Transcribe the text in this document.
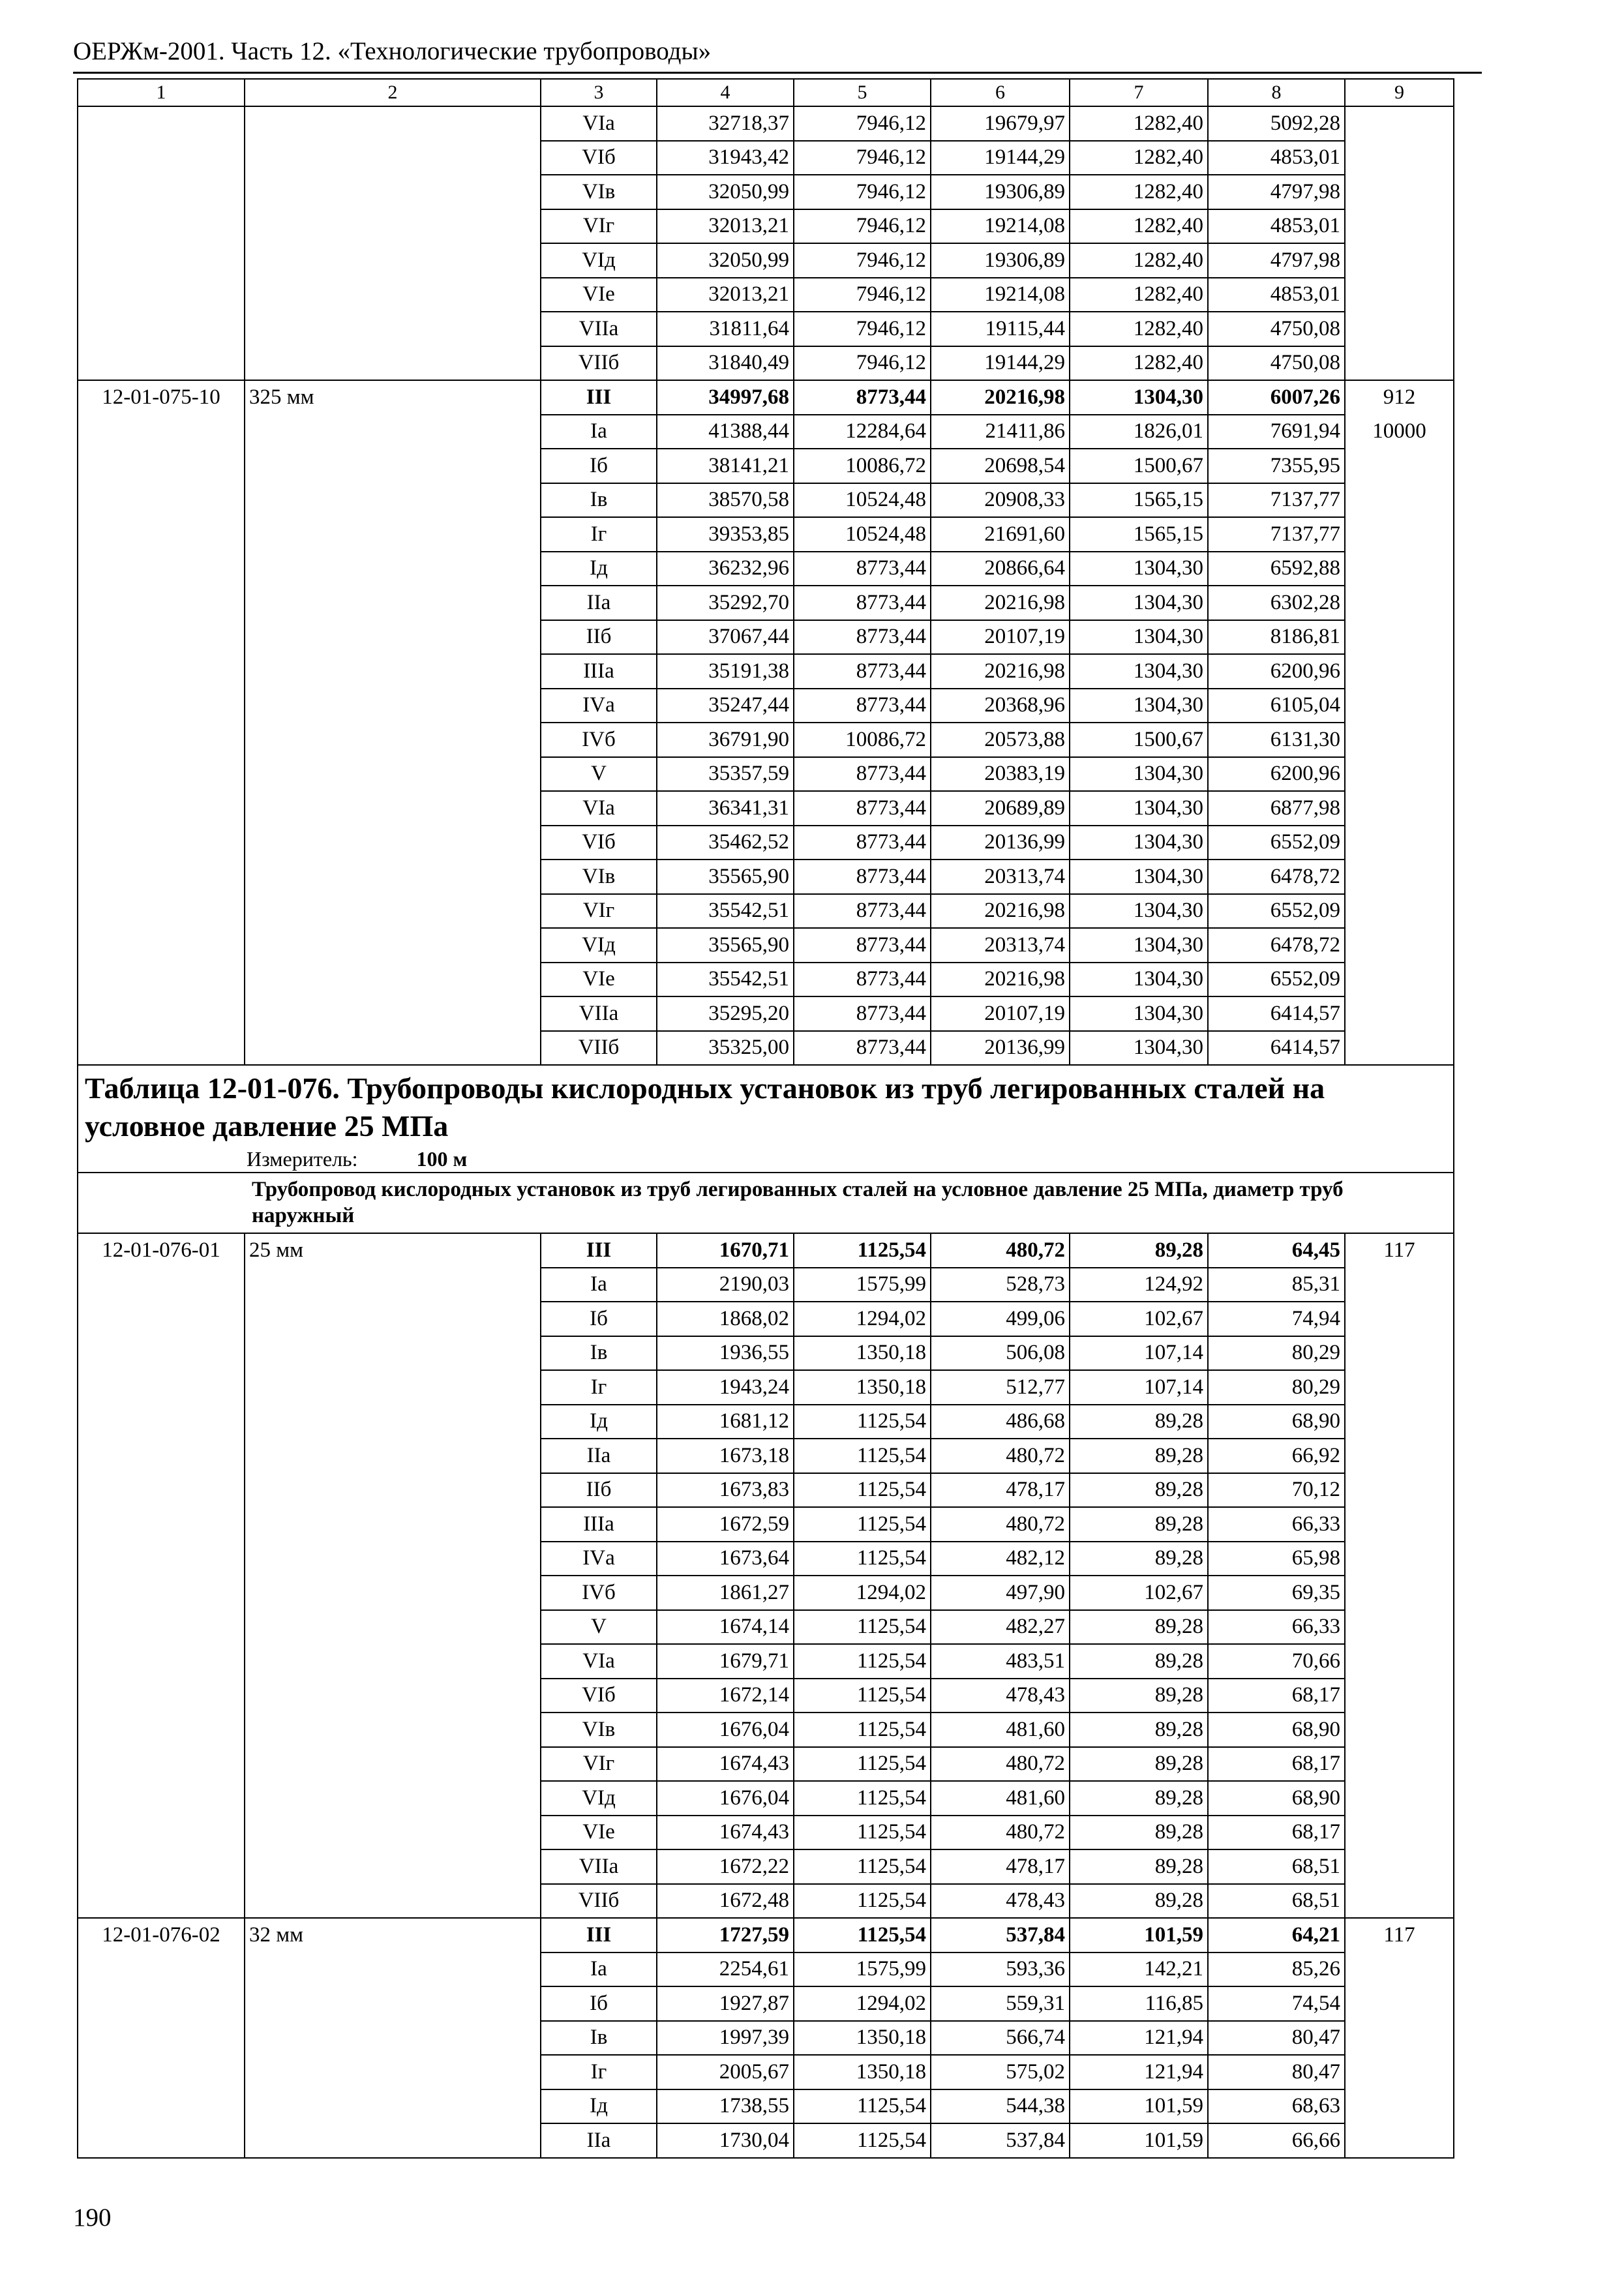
ОЕРЖм-2001. Часть 12. «Технологические трубопроводы»
1	2	3	4	5	6	7	8	9
		VIа	32718,37	7946,12	19679,97	1282,40	5092,28	
		VIб	31943,42	7946,12	19144,29	1282,40	4853,01	
		VIв	32050,99	7946,12	19306,89	1282,40	4797,98	
		VIг	32013,21	7946,12	19214,08	1282,40	4853,01	
		VIд	32050,99	7946,12	19306,89	1282,40	4797,98	
		VIе	32013,21	7946,12	19214,08	1282,40	4853,01	
		VIIа	31811,64	7946,12	19115,44	1282,40	4750,08	
		VIIб	31840,49	7946,12	19144,29	1282,40	4750,08	
12-01-075-10	325 мм	III	34997,68	8773,44	20216,98	1304,30	6007,26	912
		Iа	41388,44	12284,64	21411,86	1826,01	7691,94	10000
		Iб	38141,21	10086,72	20698,54	1500,67	7355,95	
		Iв	38570,58	10524,48	20908,33	1565,15	7137,77	
		Iг	39353,85	10524,48	21691,60	1565,15	7137,77	
		Iд	36232,96	8773,44	20866,64	1304,30	6592,88	
		IIа	35292,70	8773,44	20216,98	1304,30	6302,28	
		IIб	37067,44	8773,44	20107,19	1304,30	8186,81	
		IIIа	35191,38	8773,44	20216,98	1304,30	6200,96	
		IVа	35247,44	8773,44	20368,96	1304,30	6105,04	
		IVб	36791,90	10086,72	20573,88	1500,67	6131,30	
		V	35357,59	8773,44	20383,19	1304,30	6200,96	
		VIа	36341,31	8773,44	20689,89	1304,30	6877,98	
		VIб	35462,52	8773,44	20136,99	1304,30	6552,09	
		VIв	35565,90	8773,44	20313,74	1304,30	6478,72	
		VIг	35542,51	8773,44	20216,98	1304,30	6552,09	
		VIд	35565,90	8773,44	20313,74	1304,30	6478,72	
		VIе	35542,51	8773,44	20216,98	1304,30	6552,09	
		VIIа	35295,20	8773,44	20107,19	1304,30	6414,57	
		VIIб	35325,00	8773,44	20136,99	1304,30	6414,57	
Таблица 12-01-076. Трубопроводы кислородных установок из труб легированных сталей на условное давление 25 МПа								
Измеритель: 100 м								
Трубопровод кислородных установок из труб легированных сталей на условное давление 25 МПа, диаметр труб наружный								
12-01-076-01	25 мм	III	1670,71	1125,54	480,72	89,28	64,45	117
		Iа	2190,03	1575,99	528,73	124,92	85,31	
		Iб	1868,02	1294,02	499,06	102,67	74,94	
		Iв	1936,55	1350,18	506,08	107,14	80,29	
		Iг	1943,24	1350,18	512,77	107,14	80,29	
		Iд	1681,12	1125,54	486,68	89,28	68,90	
		IIа	1673,18	1125,54	480,72	89,28	66,92	
		IIб	1673,83	1125,54	478,17	89,28	70,12	
		IIIа	1672,59	1125,54	480,72	89,28	66,33	
		IVа	1673,64	1125,54	482,12	89,28	65,98	
		IVб	1861,27	1294,02	497,90	102,67	69,35	
		V	1674,14	1125,54	482,27	89,28	66,33	
		VIа	1679,71	1125,54	483,51	89,28	70,66	
		VIб	1672,14	1125,54	478,43	89,28	68,17	
		VIв	1676,04	1125,54	481,60	89,28	68,90	
		VIг	1674,43	1125,54	480,72	89,28	68,17	
		VIд	1676,04	1125,54	481,60	89,28	68,90	
		VIе	1674,43	1125,54	480,72	89,28	68,17	
		VIIа	1672,22	1125,54	478,17	89,28	68,51	
		VIIб	1672,48	1125,54	478,43	89,28	68,51	
12-01-076-02	32 мм	III	1727,59	1125,54	537,84	101,59	64,21	117
		Iа	2254,61	1575,99	593,36	142,21	85,26	
		Iб	1927,87	1294,02	559,31	116,85	74,54	
		Iв	1997,39	1350,18	566,74	121,94	80,47	
		Iг	2005,67	1350,18	575,02	121,94	80,47	
		Iд	1738,55	1125,54	544,38	101,59	68,63	
		IIа	1730,04	1125,54	537,84	101,59	66,66	
190
